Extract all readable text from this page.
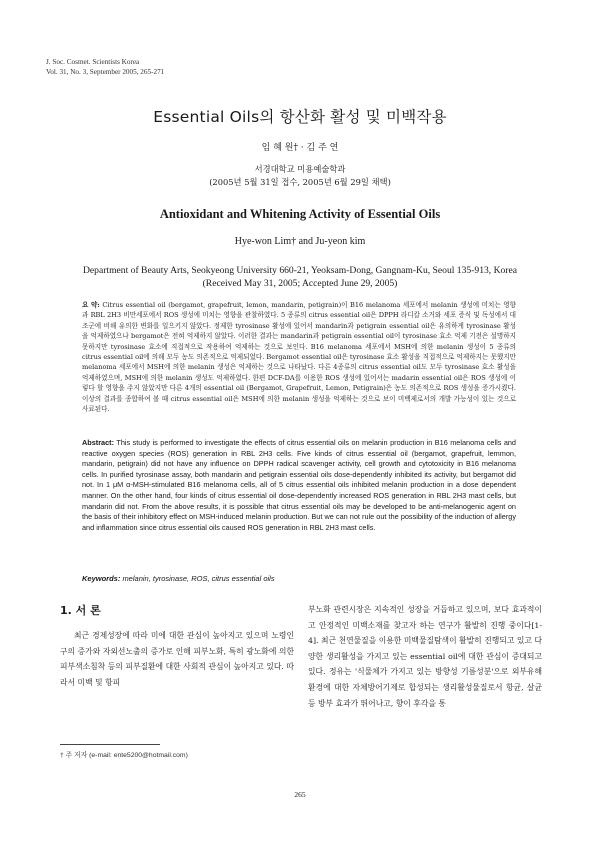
J. Soc. Cosmet. Scientists Korea
Vol. 31, No. 3, September 2005, 265-271
Essential Oils의 항산화 활성 및 미백작용
임 혜 원† · 김 주 연
서경대학교 미용예술학과
(2005년 5월 31일 접수, 2005년 6월 29일 채택)
Antioxidant and Whitening Activity of Essential Oils
Hye-won Lim† and Ju-yeon kim
Department of Beauty Arts, Seokyeong University 660-21, Yeoksam-Dong, Gangnam-Ku, Seoul 135-913, Korea
(Received May 31, 2005; Accepted June 29, 2005)
요 약: Citrus essential oil (bergamot, grapefruit, lemon, mandarin, petigrain)이 B16 melanoma 세포에서 melanin 생성에 미치는 영향과 RBL 2H3 비만세포에서 ROS 생성에 미치는 영향을 관찰하였다. 5 종류의 citrus essential oil은 DPPH 라디칼 소거와 세포 증식 및 독성에서 대조군에 비해 유의한 변화를 일으키지 않았다. 정제한 tyrosinase 활성에 있어서 mandarin과 petigrain essential oil은 유의하게 tyrosinase 활성을 억제하였으나 bergamot은 전혀 억제하지 않았다. 이러한 결과는 mandarin과 petigrain essential oil이 tyrosinase 효소 억제 기전은 설명하지 못하지만 tyrosinase 효소에 직접적으로 작용하여 억제하는 것으로 보인다. B16 melanoma 세포에서 MSH에 의한 melanin 생성이 5 종류의 citrus essential oil에 의해 모두 농도 의존적으로 억제되었다. Bergamot essential oil은 tyrosinase 효소 활성을 직접적으로 억제하지는 못했지만 melanoma 세포에서 MSH에 의한 melanin 생성은 억제하는 것으로 나타났다. 다른 4종류의 citrus essential oil도 모두 tyrosinase 효소 활성을 억제하였으며, MSH에 의한 melanin 생성도 억제하였다. 한편 DCF-DA를 이용한 ROS 생성에 있어서는 madarin essential oil은 ROS 생성에 이렇다 할 영향을 주지 않았지만 다른 4개의 essential oil (Bergamot, Grapefruit, Lemon, Petigrain)은 농도 의존적으로 ROS 생성을 증가시켰다. 이상의 결과를 종합하여 볼 때 citrus essential oil은 MSH에 의한 melanin 생성을 억제하는 것으로 보이 미백제로서의 개발 가능성이 있는 것으로 사료된다.
Abstract: This study is performed to investigate the effects of citrus essential oils on melanin production in B16 melanoma cells and reactive oxygen species (ROS) generation in RBL 2H3 cells. Five kinds of citrus essential oil (bergamot, grapefruit, lemmon, mandarin, petigrain) did not have any influence on DPPH radical scavenger activity, cell growth and cytotoxicity in B16 melanoma cells. In purified tyrosinase assay, both mandarin and petigrain essential oils dose-dependently inhibited its activity, but bergamot did not. In 1 μM α-MSH-stimulated B16 melanoma cells, all of 5 citrus essential oils inhibited melanin production in a dose dependent manner. On the other hand, four kinds of citrus essential oil dose-dependently increased ROS generation in RBL 2H3 mast cells, but mandarin did not. From the above results, it is possible that citrus essential oils may be developed to be anti-melanogenic agent on the basis of their inhibitory effect on MSH-induced melanin production. But we can not rule out the possibility of the induction of allergy and inflammation since citrus essential oils caused ROS generation in RBL 2H3 mast cells.
Keywords: melanin, tyrosinase, ROS, citrus essential oils
1. 서 론
최근 경제성장에 따라 미에 대한 관심이 높아지고 있으며 노령인구의 증가와 자외선노출의 증가로 인해 피부노화, 특히 광노화에 의한 피부색소침착 등의 피부질환에 대한 사회적 관심이 높아지고 있다. 따라서 미백 및 항피
부노화 관련시장은 지속적인 성장을 거듭하고 있으며, 보다 효과적이고 안정적인 미백소재를 찾고자 하는 연구가 활발히 진행 중이다[1-4]. 최근 천연물질을 이용한 미백물질탐색이 활발히 진행되고 있고 다양한 생리활성을 가지고 있는 essential oil에 대한 관심이 증대되고 있다. 정유는 '식물체가 가지고 있는 방향성 기름성분'으로 외부유해환경에 대한 자체방어기제로 합성되는 생리활성물질로서 항균, 살균 등 방부 효과가 뛰어나고, 향이 후각을 통
† 주 저자 (e-mail: ente5200@hotmail.com)
265
